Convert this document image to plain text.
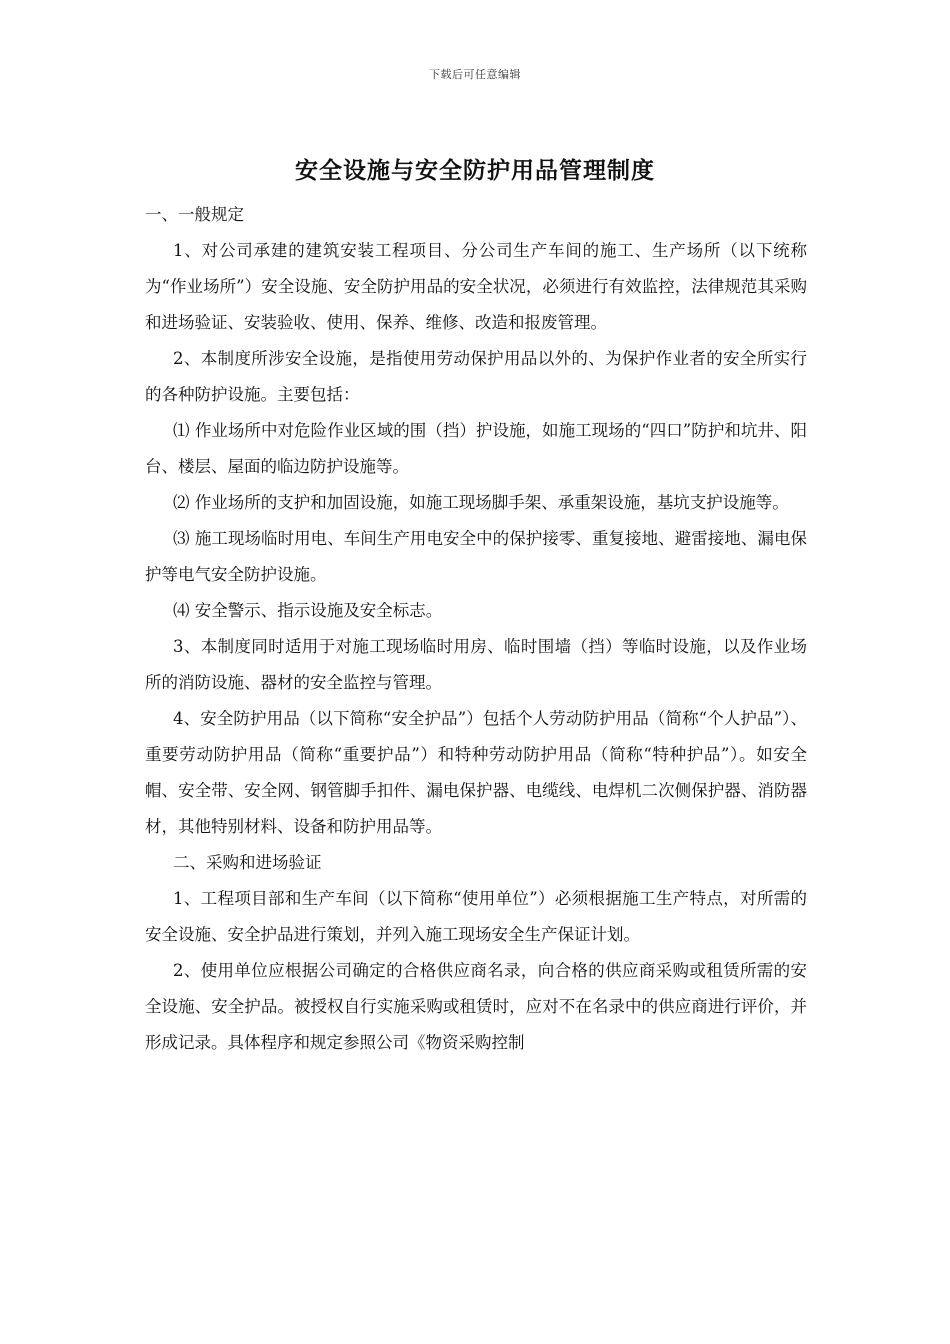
下载后可任意编辑
安全设施与安全防护用品管理制度

一、一般规定

1、对公司承建的建筑安装工程项目、分公司生产车间的施工、生产场所（以下统称为“作业场所”）安全设施、安全防护用品的安全状况，必须进行有效监控，法律规范其采购和进场验证、安装验收、使用、保养、维修、改造和报废管理。

2、本制度所涉安全设施，是指使用劳动保护用品以外的、为保护作业者的安全所实行的各种防护设施。主要包括：

⑴ 作业场所中对危险作业区域的围（挡）护设施，如施工现场的“四口”防护和坑井、阳台、楼层、屋面的临边防护设施等。

⑵ 作业场所的支护和加固设施，如施工现场脚手架、承重架设施，基坑支护设施等。

⑶ 施工现场临时用电、车间生产用电安全中的保护接零、重复接地、避雷接地、漏电保护等电气安全防护设施。

⑷ 安全警示、指示设施及安全标志。

3、本制度同时适用于对施工现场临时用房、临时围墙（挡）等临时设施，以及作业场所的消防设施、器材的安全监控与管理。

4、安全防护用品（以下简称“安全护品”）包括个人劳动防护用品（简称“个人护品”）、重要劳动防护用品（简称“重要护品”）和特种劳动防护用品（简称“特种护品”）。如安全帽、安全带、安全网、钢管脚手扣件、漏电保护器、电缆线、电焊机二次侧保护器、消防器材，其他特别材料、设备和防护用品等。

二、采购和进场验证

1、工程项目部和生产车间（以下简称“使用单位”）必须根据施工生产特点，对所需的安全设施、安全护品进行策划，并列入施工现场安全生产保证计划。

2、使用单位应根据公司确定的合格供应商名录，向合格的供应商采购或租赁所需的安全设施、安全护品。被授权自行实施采购或租赁时，应对不在名录中的供应商进行评价，并形成记录。具体程序和规定参照公司《物资采购控制
